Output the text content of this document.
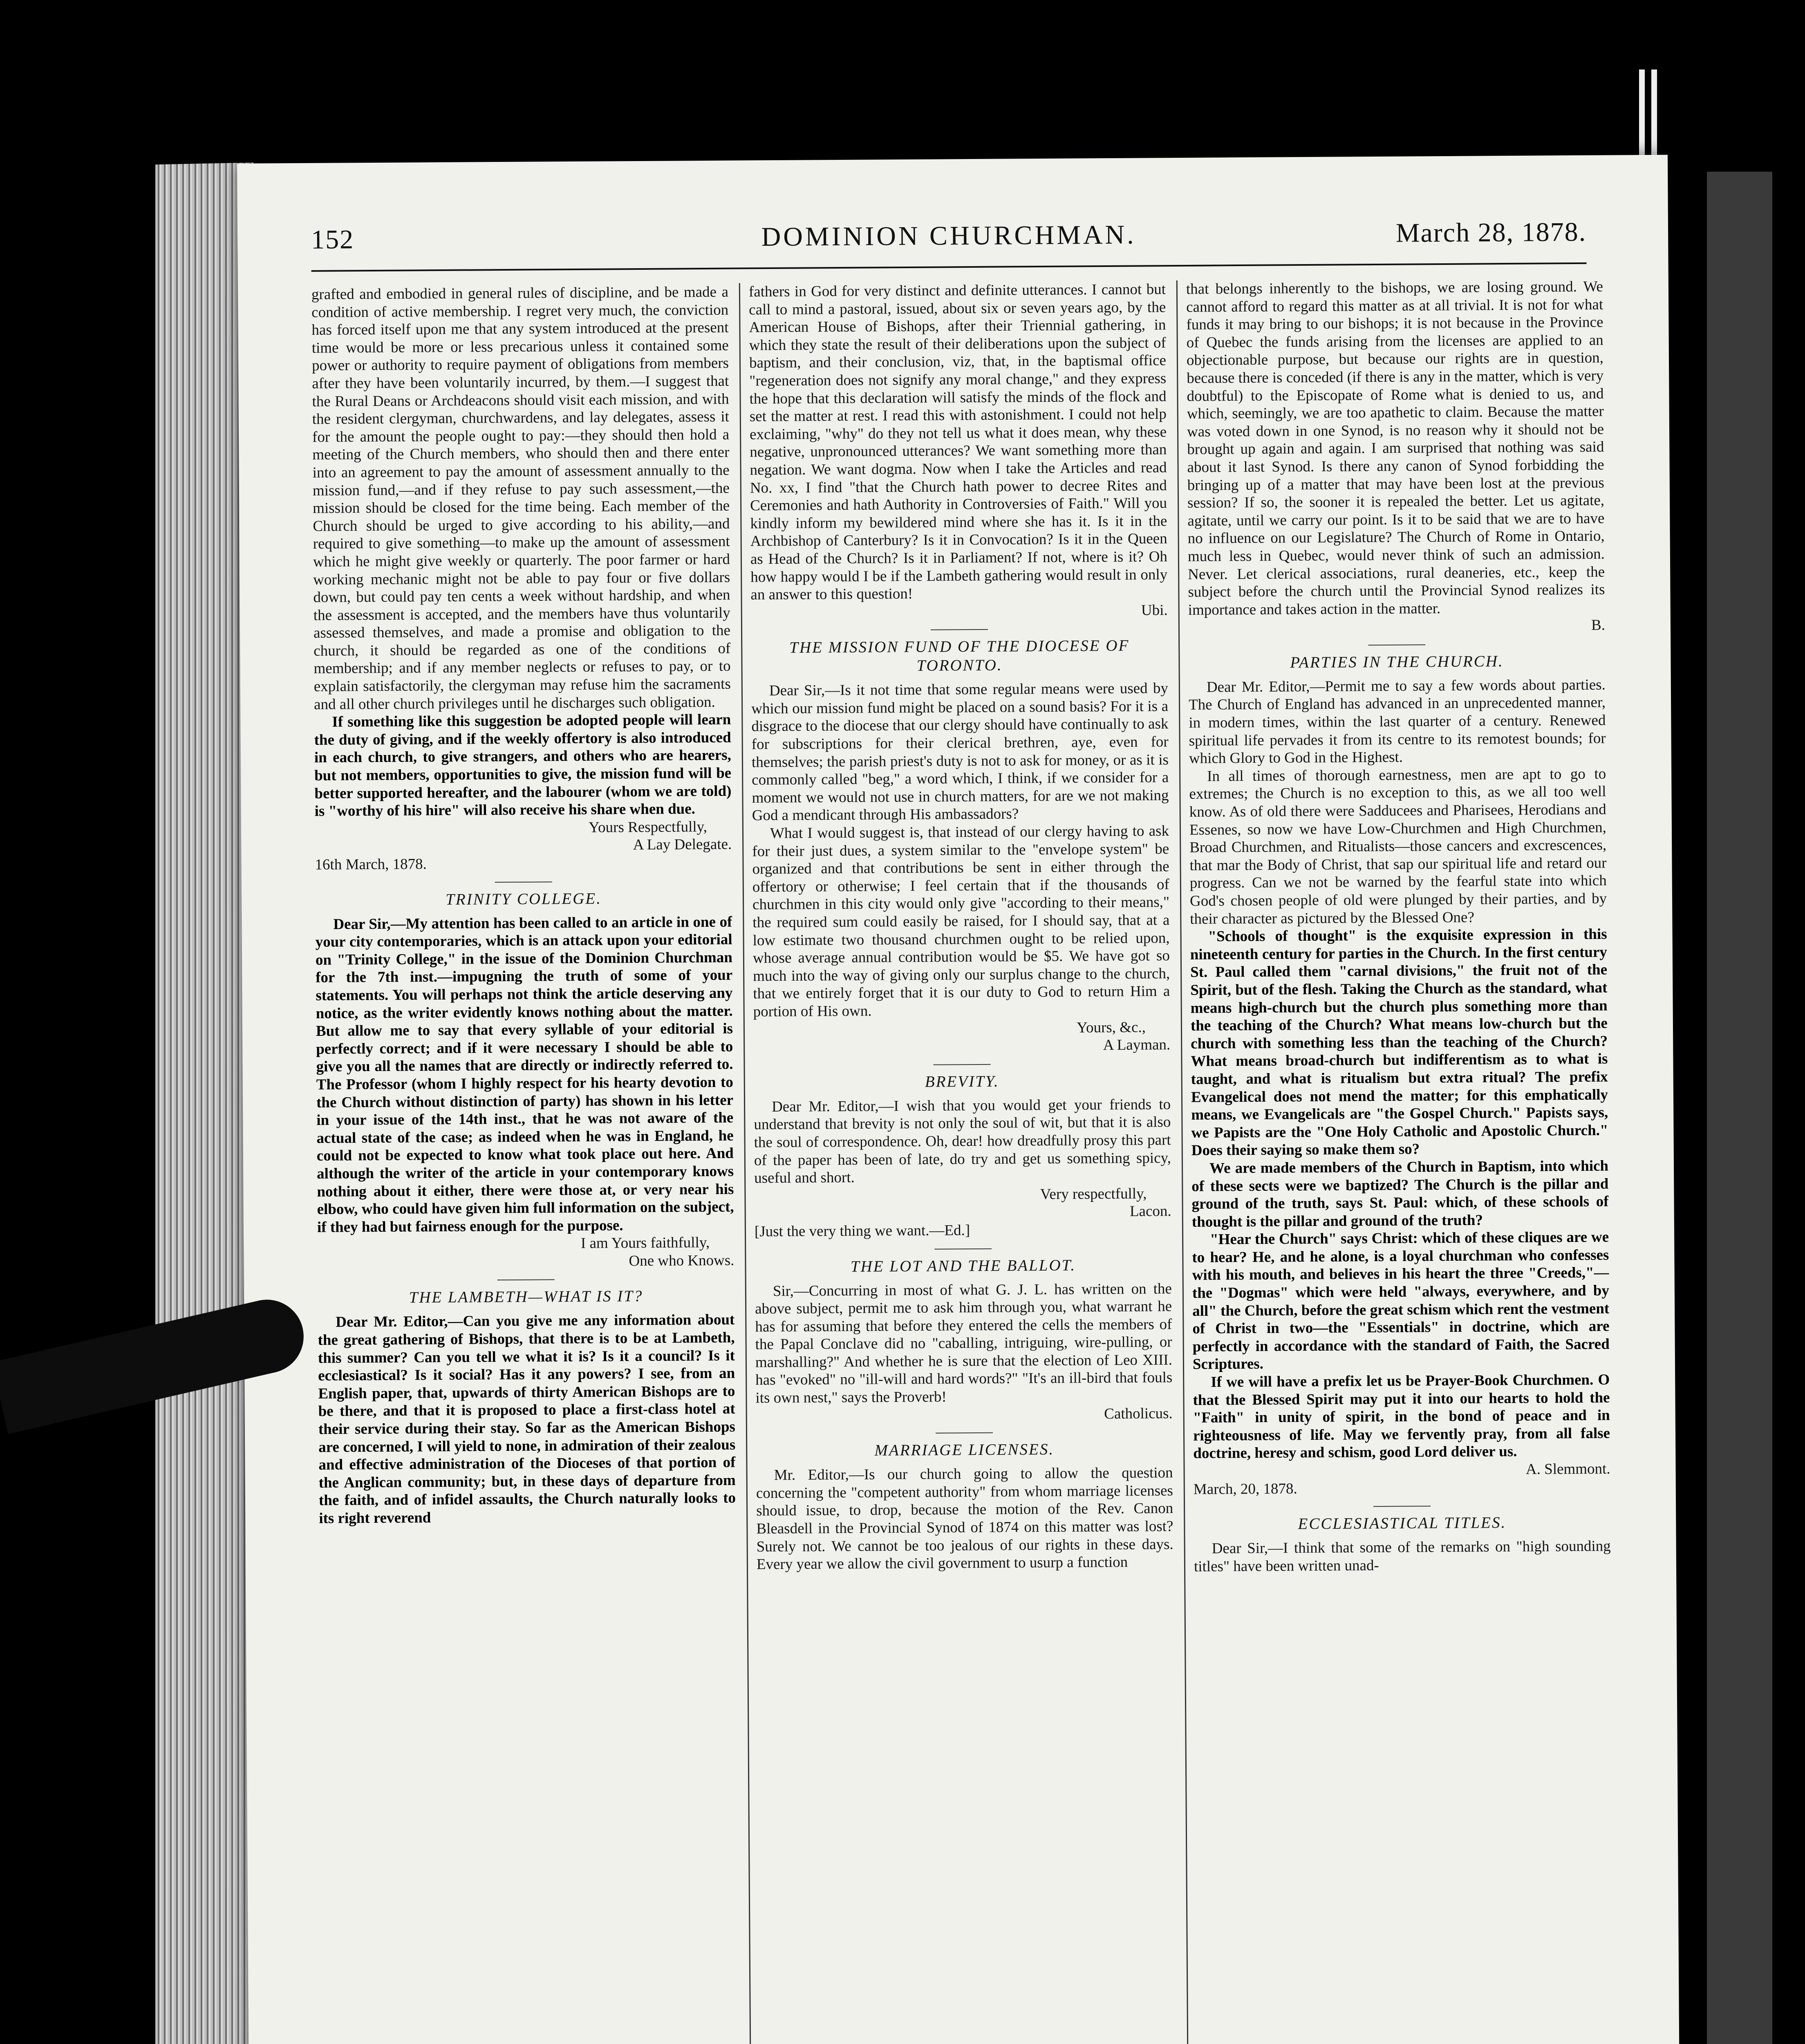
152	DOMINION CHURCHMAN.	March 28, 1878.

grafted and embodied in general rules of discipline, and be made a condition of active membership. I regret very much, the conviction has forced itself upon me that any system introduced at the present time would be more or less precarious unless it contained some power or authority to require payment of obligations from members after they have been voluntarily incurred, by them.—I suggest that the Rural Deans or Archdeacons should visit each mission, and with the resident clergyman, churchwardens, and lay delegates, assess it for the amount the people ought to pay:—they should then hold a meeting of the Church members, who should then and there enter into an agreement to pay the amount of assessment annually to the mission fund,—and if they refuse to pay such assessment,—the mission should be closed for the time being. Each member of the Church should be urged to give according to his ability,—and required to give something—to make up the amount of assessment which he might give weekly or quarterly. The poor farmer or hard working mechanic might not be able to pay four or five dollars down, but could pay ten cents a week without hardship, and when the assessment is accepted, and the members have thus voluntarily assessed themselves, and made a promise and obligation to the church, it should be regarded as one of the conditions of membership; and if any member neglects or refuses to pay, or to explain satisfactorily, the clergyman may refuse him the sacraments and all other church privileges until he discharges such obligation.

If something like this suggestion be adopted people will learn the duty of giving, and if the weekly offertory is also introduced in each church, to give strangers, and others who are hearers, but not members, opportunities to give, the mission fund will be better supported hereafter, and the labourer (whom we are told) is "worthy of his hire" will also receive his share when due.

Yours Respectfully,

A Lay Delegate.

16th March, 1878.

TRINITY COLLEGE.

Dear Sir,—My attention has been called to an article in one of your city contemporaries, which is an attack upon your editorial on "Trinity College," in the issue of the Dominion Churchman for the 7th inst.—impugning the truth of some of your statements. You will perhaps not think the article deserving any notice, as the writer evidently knows nothing about the matter. But allow me to say that every syllable of your editorial is perfectly correct; and if it were necessary I should be able to give you all the names that are directly or indirectly referred to. The Professor (whom I highly respect for his hearty devotion to the Church without distinction of party) has shown in his letter in your issue of the 14th inst., that he was not aware of the actual state of the case; as indeed when he was in England, he could not be expected to know what took place out here. And although the writer of the article in your contemporary knows nothing about it either, there were those at, or very near his elbow, who could have given him full information on the subject, if they had but fairness enough for the purpose.

I am Yours faithfully,

One who Knows.

THE LAMBETH—WHAT IS IT?

Dear Mr. Editor,—Can you give me any information about the great gathering of Bishops, that there is to be at Lambeth, this summer? Can you tell we what it is? Is it a council? Is it ecclesiastical? Is it social? Has it any powers? I see, from an English paper, that, upwards of thirty American Bishops are to be there, and that it is proposed to place a first-class hotel at their service during their stay. So far as the American Bishops are concerned, I will yield to none, in admiration of their zealous and effective administration of the Dioceses of that portion of the Anglican community; but, in these days of departure from the faith, and of infidel assaults, the Church naturally looks to its right reverend

fathers in God for very distinct and definite utterances. I cannot but call to mind a pastoral, issued, about six or seven years ago, by the American House of Bishops, after their Triennial gathering, in which they state the result of their deliberations upon the subject of baptism, and their conclusion, viz, that, in the baptismal office "regeneration does not signify any moral change," and they express the hope that this declaration will satisfy the minds of the flock and set the matter at rest. I read this with astonishment. I could not help exclaiming, "why" do they not tell us what it does mean, why these negative, unpronounced utterances? We want something more than negation. We want dogma. Now when I take the Articles and read No. xx, I find "that the Church hath power to decree Rites and Ceremonies and hath Authority in Controversies of Faith." Will you kindly inform my bewildered mind where she has it. Is it in the Archbishop of Canterbury? Is it in Convocation? Is it in the Queen as Head of the Church? Is it in Parliament? If not, where is it? Oh how happy would I be if the Lambeth gathering would result in only an answer to this question!

Ubi.

THE MISSION FUND OF THE DIOCESE OF TORONTO.

Dear Sir,—Is it not time that some regular means were used by which our mission fund might be placed on a sound basis? For it is a disgrace to the diocese that our clergy should have continually to ask for subscriptions for their clerical brethren, aye, even for themselves; the parish priest's duty is not to ask for money, or as it is commonly called "beg," a word which, I think, if we consider for a moment we would not use in church matters, for are we not making God a mendicant through His ambassadors?

What I would suggest is, that instead of our clergy having to ask for their just dues, a system similar to the "envelope system" be organized and that contributions be sent in either through the offertory or otherwise; I feel certain that if the thousands of churchmen in this city would only give "according to their means," the required sum could easily be raised, for I should say, that at a low estimate two thousand churchmen ought to be relied upon, whose average annual contribution would be $5. We have got so much into the way of giving only our surplus change to the church, that we entirely forget that it is our duty to God to return Him a portion of His own.

Yours, &c.,

A Layman.

BREVITY.

Dear Mr. Editor,—I wish that you would get your friends to understand that brevity is not only the soul of wit, but that it is also the soul of correspondence. Oh, dear! how dreadfully prosy this part of the paper has been of late, do try and get us something spicy, useful and short.

Very respectfully,

Lacon.

[Just the very thing we want.—Ed.]

THE LOT AND THE BALLOT.

Sir,—Concurring in most of what G. J. L. has written on the above subject, permit me to ask him through you, what warrant he has for assuming that before they entered the cells the members of the Papal Conclave did no "caballing, intriguing, wire-pulling, or marshalling?" And whether he is sure that the election of Leo XIII. has "evoked" no "ill-will and hard words?" "It's an ill-bird that fouls its own nest," says the Proverb!

Catholicus.

MARRIAGE LICENSES.

Mr. Editor,—Is our church going to allow the question concerning the "competent authority" from whom marriage licenses should issue, to drop, because the motion of the Rev. Canon Bleasdell in the Provincial Synod of 1874 on this matter was lost? Surely not. We cannot be too jealous of our rights in these days. Every year we allow the civil government to usurp a function

that belongs inherently to the bishops, we are losing ground. We cannot afford to regard this matter as at all trivial. It is not for what funds it may bring to our bishops; it is not because in the Province of Quebec the funds arising from the licenses are applied to an objectionable purpose, but because our rights are in question, because there is conceded (if there is any in the matter, which is very doubtful) to the Episcopate of Rome what is denied to us, and which, seemingly, we are too apathetic to claim. Because the matter was voted down in one Synod, is no reason why it should not be brought up again and again. I am surprised that nothing was said about it last Synod. Is there any canon of Synod forbidding the bringing up of a matter that may have been lost at the previous session? If so, the sooner it is repealed the better. Let us agitate, agitate, until we carry our point. Is it to be said that we are to have no influence on our Legislature? The Church of Rome in Ontario, much less in Quebec, would never think of such an admission. Never. Let clerical associations, rural deaneries, etc., keep the subject before the church until the Provincial Synod realizes its importance and takes action in the matter.

B.

PARTIES IN THE CHURCH.

Dear Mr. Editor,—Permit me to say a few words about parties. The Church of England has advanced in an unprecedented manner, in modern times, within the last quarter of a century. Renewed spiritual life pervades it from its centre to its remotest bounds; for which Glory to God in the Highest.

In all times of thorough earnestness, men are apt to go to extremes; the Church is no exception to this, as we all too well know. As of old there were Sadducees and Pharisees, Herodians and Essenes, so now we have Low-Churchmen and High Churchmen, Broad Churchmen, and Ritualists—those cancers and excrescences, that mar the Body of Christ, that sap our spiritual life and retard our progress. Can we not be warned by the fearful state into which God's chosen people of old were plunged by their parties, and by their character as pictured by the Blessed One?

"Schools of thought" is the exquisite expression in this nineteenth century for parties in the Church. In the first century St. Paul called them "carnal divisions," the fruit not of the Spirit, but of the flesh. Taking the Church as the standard, what means high-church but the church plus something more than the teaching of the Church? What means low-church but the church with something less than the teaching of the Church? What means broad-church but indifferentism as to what is taught, and what is ritualism but extra ritual? The prefix Evangelical does not mend the matter; for this emphatically means, we Evangelicals are "the Gospel Church." Papists says, we Papists are the "One Holy Catholic and Apostolic Church." Does their saying so make them so?

We are made members of the Church in Baptism, into which of these sects were we baptized? The Church is the pillar and ground of the truth, says St. Paul: which, of these schools of thought is the pillar and ground of the truth?

"Hear the Church" says Christ: which of these cliques are we to hear? He, and he alone, is a loyal churchman who confesses with his mouth, and believes in his heart the three "Creeds,"—the "Dogmas" which were held "always, everywhere, and by all" the Church, before the great schism which rent the vestment of Christ in two—the "Essentials" in doctrine, which are perfectly in accordance with the standard of Faith, the Sacred Scriptures.

If we will have a prefix let us be Prayer-Book Churchmen. O that the Blessed Spirit may put it into our hearts to hold the "Faith" in unity of spirit, in the bond of peace and in righteousness of life. May we fervently pray, from all false doctrine, heresy and schism, good Lord deliver us.

A. Slemmont.

March, 20, 1878.

ECCLESIASTICAL TITLES.

Dear Sir,—I think that some of the remarks on "high sounding titles" have been written unad-
